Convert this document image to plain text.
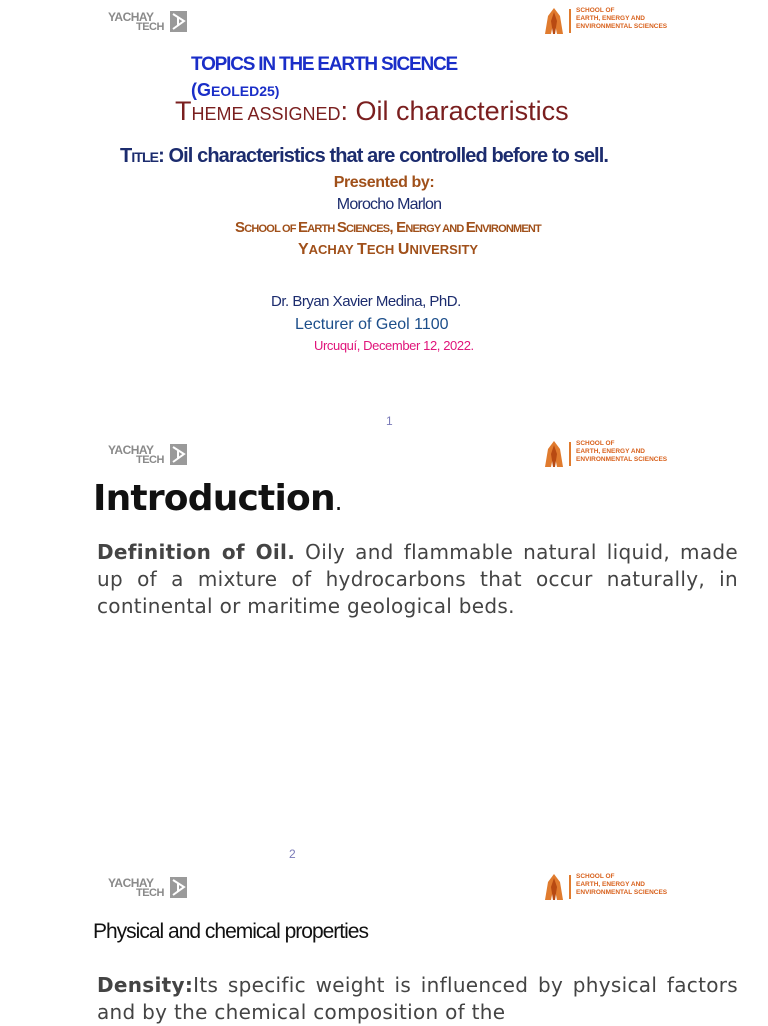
YACHAY
TECH
SCHOOL OF
EARTH, ENERGY AND
ENVIRONMENTAL SCIENCES
TOPICS IN THE EARTH SICENCE
(GEOLED25)
THEME ASSIGNED: Oil characteristics
TITLE: Oil characteristics that are controlled before to sell.
Presented by:
Morocho Marlon
SCHOOL OF EARTH SCIENCES, ENERGY AND ENVIRONMENT
YACHAY TECH UNIVERSITY
Dr. Bryan Xavier Medina, PhD.
Lecturer of Geol 1100
Urcuquí, December 12, 2022.
1
YACHAY
TECH
SCHOOL OF
EARTH, ENERGY AND
ENVIRONMENTAL SCIENCES
Introduction.
Definition of Oil. Oily and flammable natural liquid, made up of a mixture of hydrocarbons that occur naturally, in continental or maritime geological beds.
2
YACHAY
TECH
SCHOOL OF
EARTH, ENERGY AND
ENVIRONMENTAL SCIENCES
Physical and chemical properties
Density:Its specific weight is influenced by physical factors and by the chemical composition of the
